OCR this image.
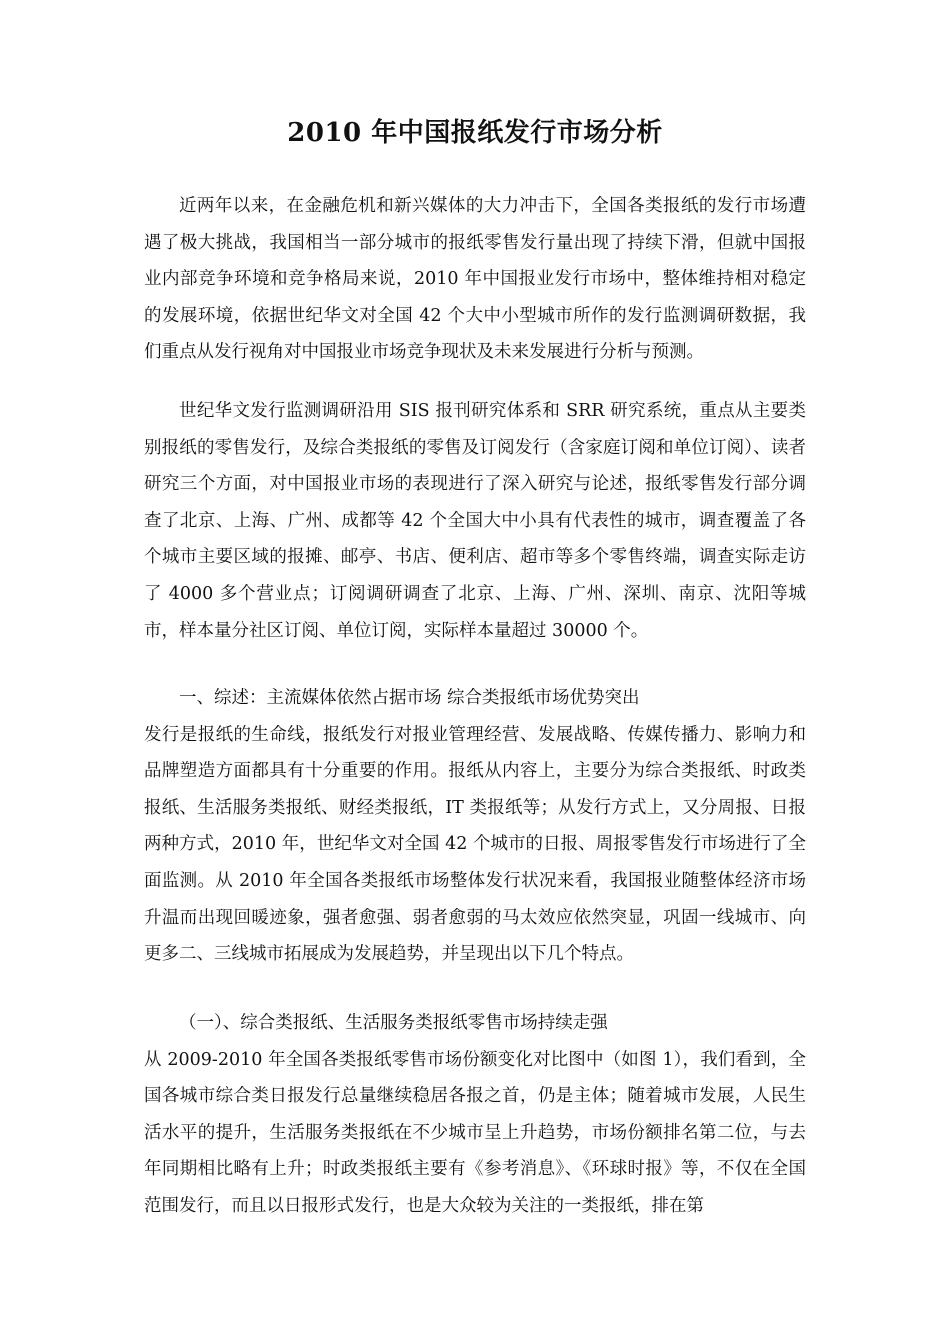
2010 年中国报纸发行市场分析

近两年以来，在金融危机和新兴媒体的大力冲击下，全国各类报纸的发行市场遭遇了极大挑战，我国相当一部分城市的报纸零售发行量出现了持续下滑，但就中国报业内部竞争环境和竞争格局来说，2010 年中国报业发行市场中，整体维持相对稳定的发展环境，依据世纪华文对全国 42 个大中小型城市所作的发行监测调研数据，我们重点从发行视角对中国报业市场竞争现状及未来发展进行分析与预测。

世纪华文发行监测调研沿用 SIS 报刊研究体系和 SRR 研究系统，重点从主要类别报纸的零售发行，及综合类报纸的零售及订阅发行（含家庭订阅和单位订阅）、读者研究三个方面，对中国报业市场的表现进行了深入研究与论述，报纸零售发行部分调查了北京、上海、广州、成都等 42 个全国大中小具有代表性的城市，调查覆盖了各个城市主要区域的报摊、邮亭、书店、便利店、超市等多个零售终端，调查实际走访了 4000 多个营业点；订阅调研调查了北京、上海、广州、深圳、南京、沈阳等城市，样本量分社区订阅、单位订阅，实际样本量超过 30000 个。

一、综述：主流媒体依然占据市场 综合类报纸市场优势突出

发行是报纸的生命线，报纸发行对报业管理经营、发展战略、传媒传播力、影响力和品牌塑造方面都具有十分重要的作用。报纸从内容上，主要分为综合类报纸、时政类报纸、生活服务类报纸、财经类报纸，IT 类报纸等；从发行方式上，又分周报、日报两种方式，2010 年，世纪华文对全国 42 个城市的日报、周报零售发行市场进行了全面监测。从 2010 年全国各类报纸市场整体发行状况来看，我国报业随整体经济市场升温而出现回暖迹象，强者愈强、弱者愈弱的马太效应依然突显，巩固一线城市、向更多二、三线城市拓展成为发展趋势，并呈现出以下几个特点。

（一）、综合类报纸、生活服务类报纸零售市场持续走强

从 2009-2010 年全国各类报纸零售市场份额变化对比图中（如图 1），我们看到，全国各城市综合类日报发行总量继续稳居各报之首，仍是主体；随着城市发展，人民生活水平的提升，生活服务类报纸在不少城市呈上升趋势，市场份额排名第二位，与去年同期相比略有上升；时政类报纸主要有《参考消息》、《环球时报》等，不仅在全国范围发行，而且以日报形式发行，也是大众较为关注的一类报纸，排在第
